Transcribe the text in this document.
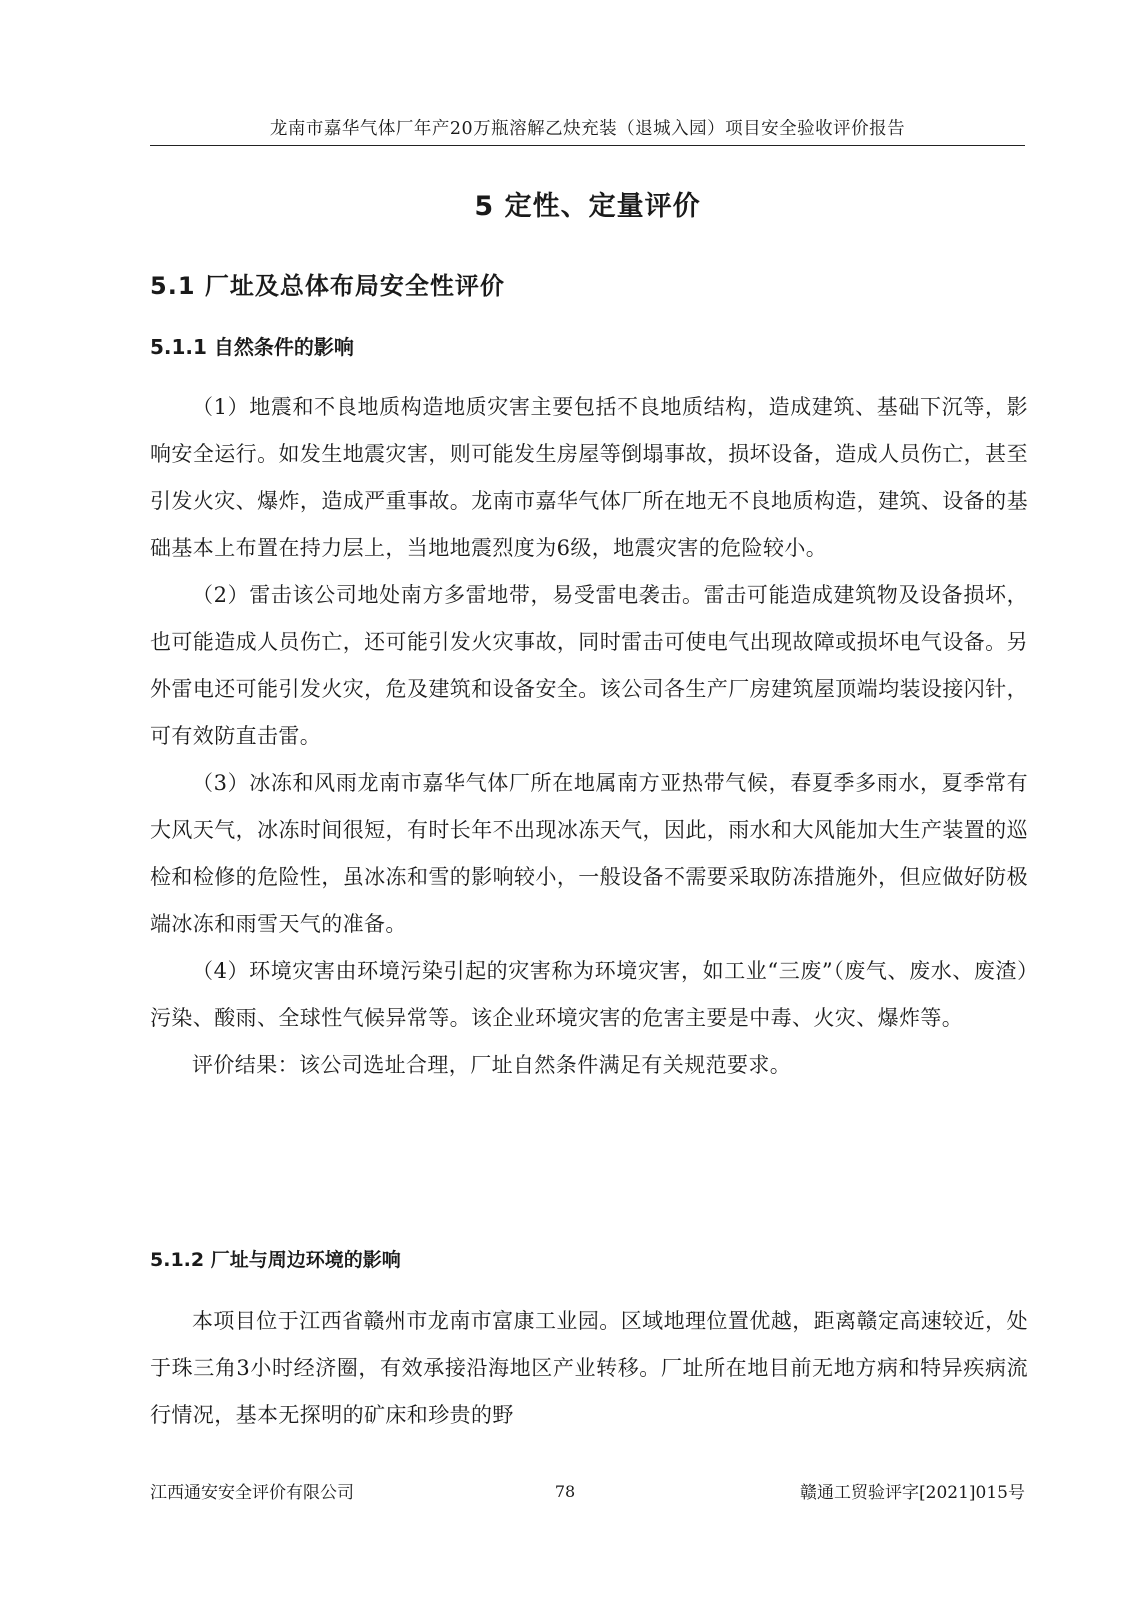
龙南市嘉华气体厂年产20万瓶溶解乙炔充装（退城入园）项目安全验收评价报告
5 定性、定量评价
5.1 厂址及总体布局安全性评价
5.1.1 自然条件的影响

（1）地震和不良地质构造地质灾害主要包括不良地质结构，造成建筑、基础下沉等，影响安全运行。如发生地震灾害，则可能发生房屋等倒塌事故，损坏设备，造成人员伤亡，甚至引发火灾、爆炸，造成严重事故。龙南市嘉华气体厂所在地无不良地质构造，建筑、设备的基础基本上布置在持力层上，当地地震烈度为6级，地震灾害的危险较小。

（2）雷击该公司地处南方多雷地带，易受雷电袭击。雷击可能造成建筑物及设备损坏，也可能造成人员伤亡，还可能引发火灾事故，同时雷击可使电气出现故障或损坏电气设备。另外雷电还可能引发火灾，危及建筑和设备安全。该公司各生产厂房建筑屋顶端均装设接闪针，可有效防直击雷。

（3）冰冻和风雨龙南市嘉华气体厂所在地属南方亚热带气候，春夏季多雨水，夏季常有大风天气，冰冻时间很短，有时长年不出现冰冻天气，因此，雨水和大风能加大生产装置的巡检和检修的危险性，虽冰冻和雪的影响较小，一般设备不需要采取防冻措施外，但应做好防极端冰冻和雨雪天气的准备。

（4）环境灾害由环境污染引起的灾害称为环境灾害，如工业“三废”（废气、废水、废渣）污染、酸雨、全球性气候异常等。该企业环境灾害的危害主要是中毒、火灾、爆炸等。

评价结果：该公司选址合理，厂址自然条件满足有关规范要求。

5.1.2 厂址与周边环境的影响

本项目位于江西省赣州市龙南市富康工业园。区域地理位置优越，距离赣定高速较近，处于珠三角3小时经济圈，有效承接沿海地区产业转移。厂址所在地目前无地方病和特异疾病流行情况，基本无探明的矿床和珍贵的野

江西通安安全评价有限公司	78	赣通工贸验评字[2021]015号
